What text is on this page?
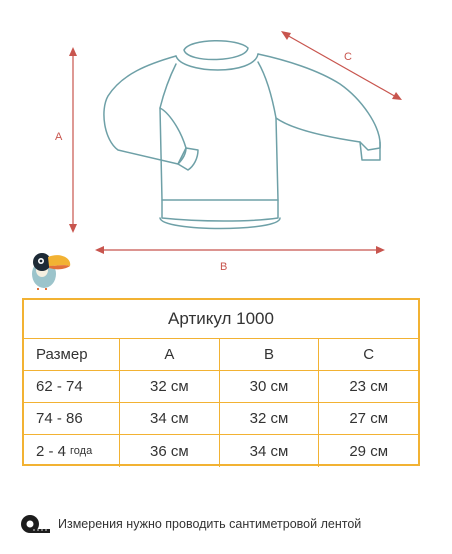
A
B
C
Артикул 1000
Размер	A	B	C
62 - 74	32 см	30 см	23 см
74 - 86	34 см	32 см	27 см
2 - 4 года	36 см	34 см	29 см
Измерения нужно проводить сантиметровой лентой
